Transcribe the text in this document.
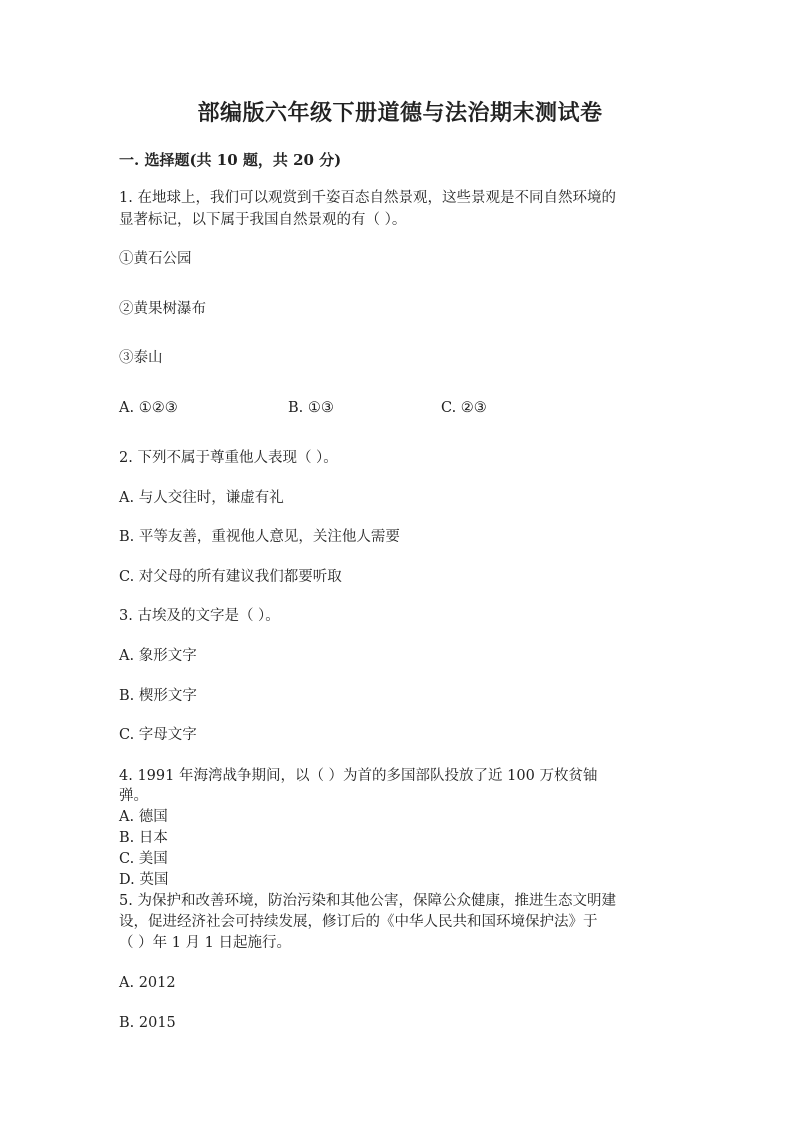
部编版六年级下册道德与法治期末测试卷
一. 选择题(共 10 题，共 20 分)
1. 在地球上，我们可以观赏到千姿百态自然景观，这些景观是不同自然环境的
显著标记，以下属于我国自然景观的有（ ）。
①黄石公园
②黄果树瀑布
③泰山
A. ①②③	B. ①③	C. ②③
2. 下列不属于尊重他人表现（ ）。
A. 与人交往时，谦虚有礼
B. 平等友善，重视他人意见，关注他人需要
C. 对父母的所有建议我们都要听取
3. 古埃及的文字是（ ）。
A. 象形文字
B. 楔形文字
C. 字母文字
4. 1991 年海湾战争期间，以（ ）为首的多国部队投放了近 100 万枚贫铀
弹。
A. 德国
B. 日本
C. 美国
D. 英国
5. 为保护和改善环境，防治污染和其他公害，保障公众健康，推进生态文明建
设，促进经济社会可持续发展，修订后的《中华人民共和国环境保护法》于
（ ）年 1 月 1 日起施行。
A. 2012
B. 2015
